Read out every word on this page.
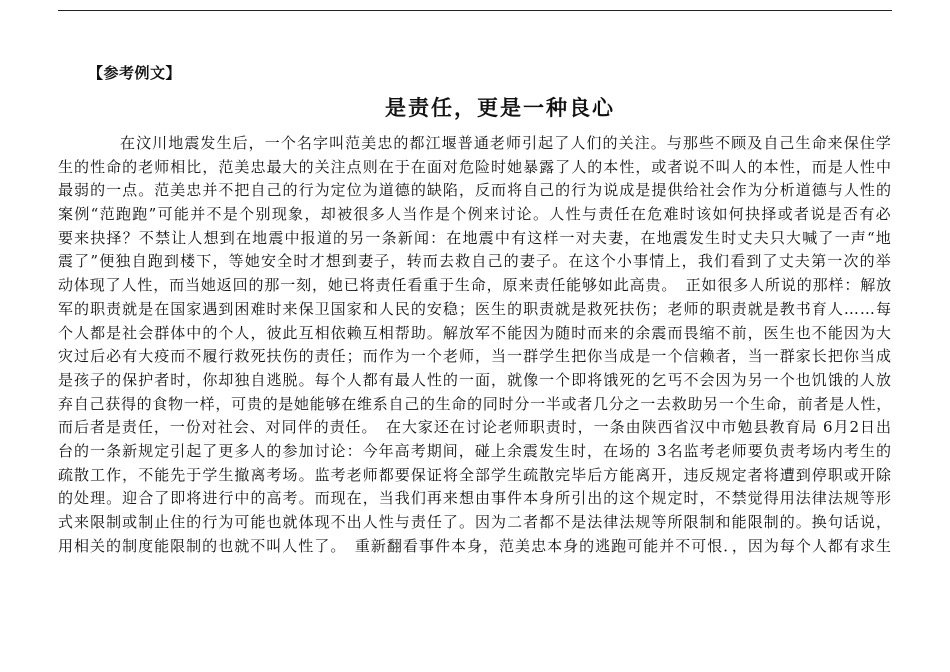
【参考例文】
是责任，更是一种良心
在汶川地震发生后，一个名字叫范美忠的都江堰普通老师引起了人们的关注。与那些不顾及自己生命来保住学
生的性命的老师相比，范美忠最大的关注点则在于在面对危险时她暴露了人的本性，或者说不叫人的本性，而是人性中
最弱的一点。范美忠并不把自己的行为定位为道德的缺陷，反而将自己的行为说成是提供给社会作为分析道德与人性的
案例“范跑跑”可能并不是个别现象，却被很多人当作是个例来讨论。人性与责任在危难时该如何抉择或者说是否有必
要来抉择？不禁让人想到在地震中报道的另一条新闻：在地震中有这样一对夫妻，在地震发生时丈夫只大喊了一声“地
震了”便独自跑到楼下，等她安全时才想到妻子，转而去救自己的妻子。在这个小事情上，我们看到了丈夫第一次的举
动体现了人性，而当她返回的那一刻，她已将责任看重于生命，原来责任能够如此高贵。　正如很多人所说的那样：解放
军的职责就是在国家遇到困难时来保卫国家和人民的安稳；医生的职责就是救死扶伤；老师的职责就是教书育人……每
个人都是社会群体中的个人，彼此互相依赖互相帮助。解放军不能因为随时而来的余震而畏缩不前，医生也不能因为大
灾过后必有大疫而不履行救死扶伤的责任；而作为一个老师，当一群学生把你当成是一个信赖者，当一群家长把你当成
是孩子的保护者时，你却独自逃脱。每个人都有最人性的一面，就像一个即将饿死的乞丐不会因为另一个也饥饿的人放
弃自己获得的食物一样，可贵的是她能够在维系自己的生命的同时分一半或者几分之一去救助另一个生命，前者是人性，
而后者是责任，一份对社会、对同伴的责任。　在大家还在讨论老师职责时，一条由陕西省汉中市勉县教育局 6月2日出
台的一条新规定引起了更多人的参加讨论：今年高考期间，碰上余震发生时，在场的 3名监考老师要负责考场内考生的
疏散工作，不能先于学生撤离考场。监考老师都要保证将全部学生疏散完毕后方能离开，违反规定者将遭到停职或开除
的处理。迎合了即将进行中的高考。而现在，当我们再来想由事件本身所引出的这个规定时，不禁觉得用法律法规等形
式来限制或制止住的行为可能也就体现不出人性与责任了。因为二者都不是法律法规等所限制和能限制的。换句话说，
用相关的制度能限制的也就不叫人性了。　重新翻看事件本身，范美忠本身的逃跑可能并不可恨．，因为每个人都有求生
